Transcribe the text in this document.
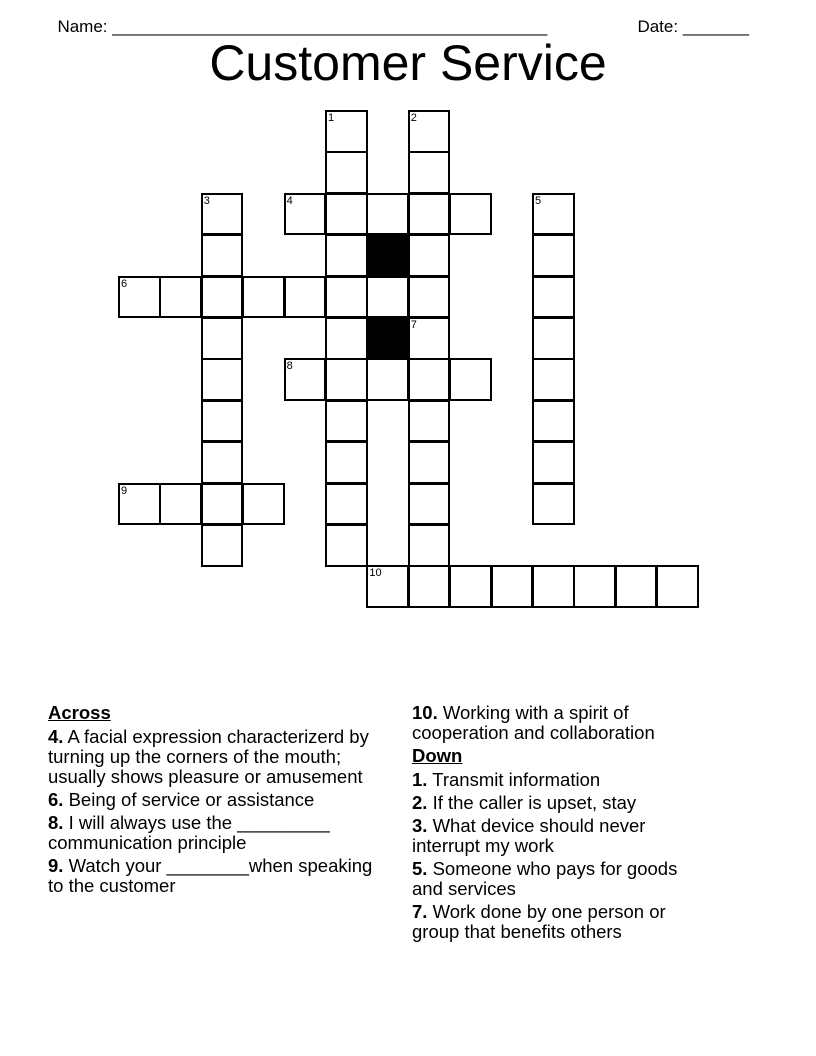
Name: ______________________________________________	Date: _______

Customer Service
1	2
7
3	4	5
6
8
9
10
Across
4. A facial expression characterizerd by turning up the corners of the mouth; usually shows pleasure or amusement
6. Being of service or assistance
8. I will always use the _________ communication principle
9. Watch your ________when speaking to the customer
10. Working with a spirit of cooperation and collaboration
Down
1. Transmit information
2. If the caller is upset, stay
3. What device should never interrupt my work
5. Someone who pays for goods and services
7. Work done by one person or group that benefits others
